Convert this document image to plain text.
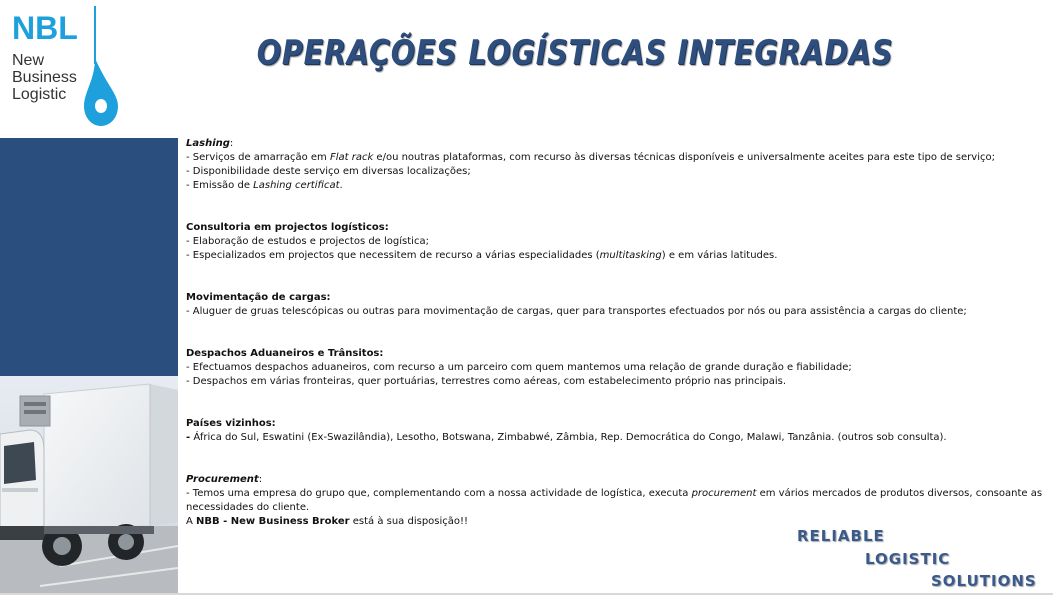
NBL
New
Business
Logistic
OPERAÇÕES LOGÍSTICAS INTEGRADAS
Lashing:
- Serviços de amarração em Flat rack e/ou noutras plataformas, com recurso às diversas técnicas disponíveis e universalmente aceites para este tipo de serviço;
- Disponibilidade deste serviço em diversas localizações;
- Emissão de Lashing certificat.
Consultoria em projectos logísticos:
- Elaboração de estudos e projectos de logística;
- Especializados em projectos que necessitem de recurso a várias especialidades (multitasking) e em várias latitudes.
Movimentação de cargas:
- Aluguer de gruas telescópicas ou outras para movimentação de cargas, quer para transportes efectuados por nós ou para assistência a cargas do cliente;
Despachos Aduaneiros e Trânsitos:
- Efectuamos despachos aduaneiros, com recurso a um parceiro com quem mantemos uma relação de grande duração e fiabilidade;
- Despachos em várias fronteiras, quer portuárias, terrestres como aéreas, com estabelecimento próprio nas principais.
Países vizinhos:
- África do Sul, Eswatini (Ex-Swazilândia), Lesotho, Botswana, Zimbabwé, Zâmbia, Rep. Democrática do Congo, Malawi, Tanzânia. (outros sob consulta).
Procurement:
- Temos uma empresa do grupo que, complementando com a nossa actividade de logística, executa procurement em vários mercados de produtos diversos, consoante as necessidades do cliente.
A NBB - New Business Broker está à sua disposição!!
RELIABLE
LOGISTIC
SOLUTIONS
